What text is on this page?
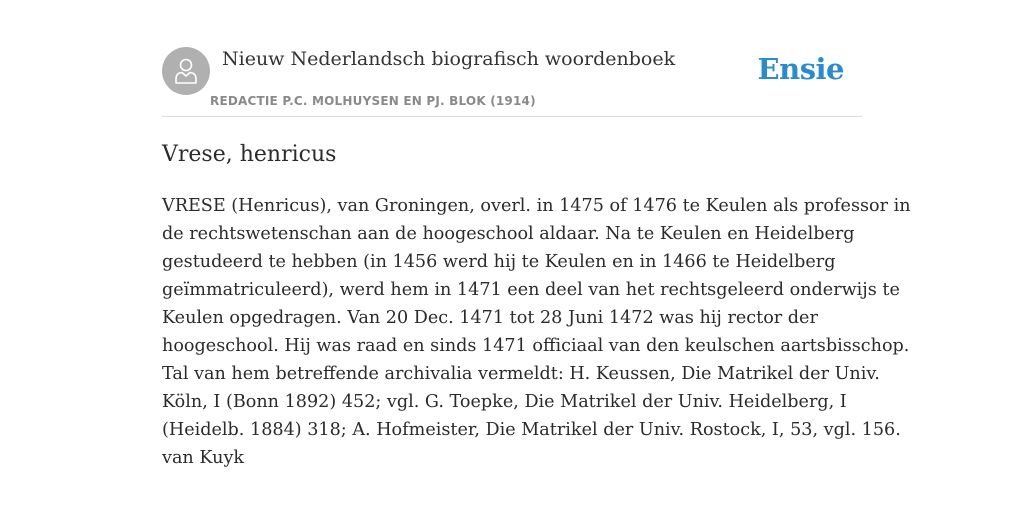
Nieuw Nederlandsch biografisch woordenboek
REDACTIE P.C. MOLHUYSEN EN PJ. BLOK (1914)
Ensie
Vrese, henricus
VRESE (Henricus), van Groningen, overl. in 1475 of 1476 te Keulen als professor in
de rechtswetenschan aan de hoogeschool aldaar. Na te Keulen en Heidelberg
gestudeerd te hebben (in 1456 werd hij te Keulen en in 1466 te Heidelberg
geïmmatriculeerd), werd hem in 1471 een deel van het rechtsgeleerd onderwijs te
Keulen opgedragen. Van 20 Dec. 1471 tot 28 Juni 1472 was hij rector der
hoogeschool. Hij was raad en sinds 1471 officiaal van den keulschen aartsbisschop.
Tal van hem betreffende archivalia vermeldt: H. Keussen, Die Matrikel der Univ.
Köln, I (Bonn 1892) 452; vgl. G. Toepke, Die Matrikel der Univ. Heidelberg, I
(Heidelb. 1884) 318; A. Hofmeister, Die Matrikel der Univ. Rostock, I, 53, vgl. 156.
van Kuyk
